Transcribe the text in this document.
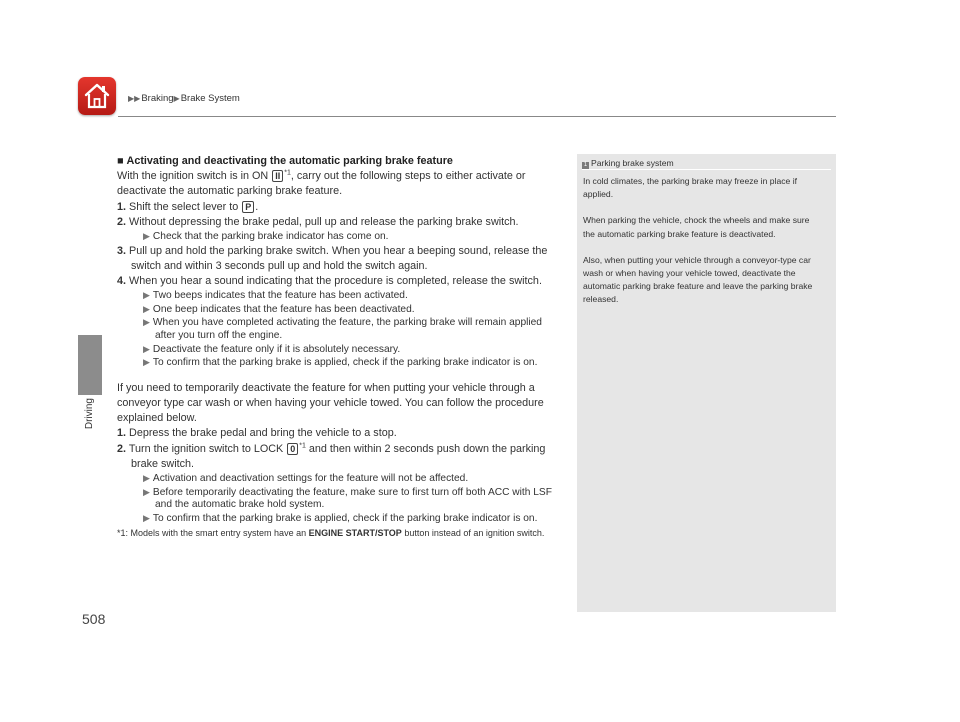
▶▶Braking▶Brake System
Driving
508

■ Activating and deactivating the automatic parking brake feature

With the ignition switch is in ON II $^{*1}$, carry out the following steps to either activate or deactivate the automatic parking brake feature.

1. Shift the select lever to P .

2. Without depressing the brake pedal, pull up and release the parking brake switch.

▶ Check that the parking brake indicator has come on.

3. Pull up and hold the parking brake switch. When you hear a beeping sound, release the switch and within 3 seconds pull up and hold the switch again.

4. When you hear a sound indicating that the procedure is completed, release the switch.

▶ Two beeps indicates that the feature has been activated.

▶ One beep indicates that the feature has been deactivated.

▶ When you have completed activating the feature, the parking brake will remain applied after you turn off the engine.

▶ Deactivate the feature only if it is absolutely necessary.

▶ To confirm that the parking brake is applied, check if the parking brake indicator is on.

If you need to temporarily deactivate the feature for when putting your vehicle through a conveyor type car wash or when having your vehicle towed. You can follow the procedure explained below.

1. Depress the brake pedal and bring the vehicle to a stop.

2. Turn the ignition switch to LOCK 0 $^{*1}$ and then within 2 seconds push down the parking brake switch.

▶ Activation and deactivation settings for the feature will not be affected.

▶ Before temporarily deactivating the feature, make sure to first turn off both ACC with LSF and the automatic brake hold system.

▶ To confirm that the parking brake is applied, check if the parking brake indicator is on.

*1: Models with the smart entry system have an ENGINE START/STOP button instead of an ignition switch.

1 Parking brake system

In cold climates, the parking brake may freeze in place if applied.

When parking the vehicle, chock the wheels and make sure the automatic parking brake feature is deactivated.

Also, when putting your vehicle through a conveyor-type car wash or when having your vehicle towed, deactivate the automatic parking brake feature and leave the parking brake released.
